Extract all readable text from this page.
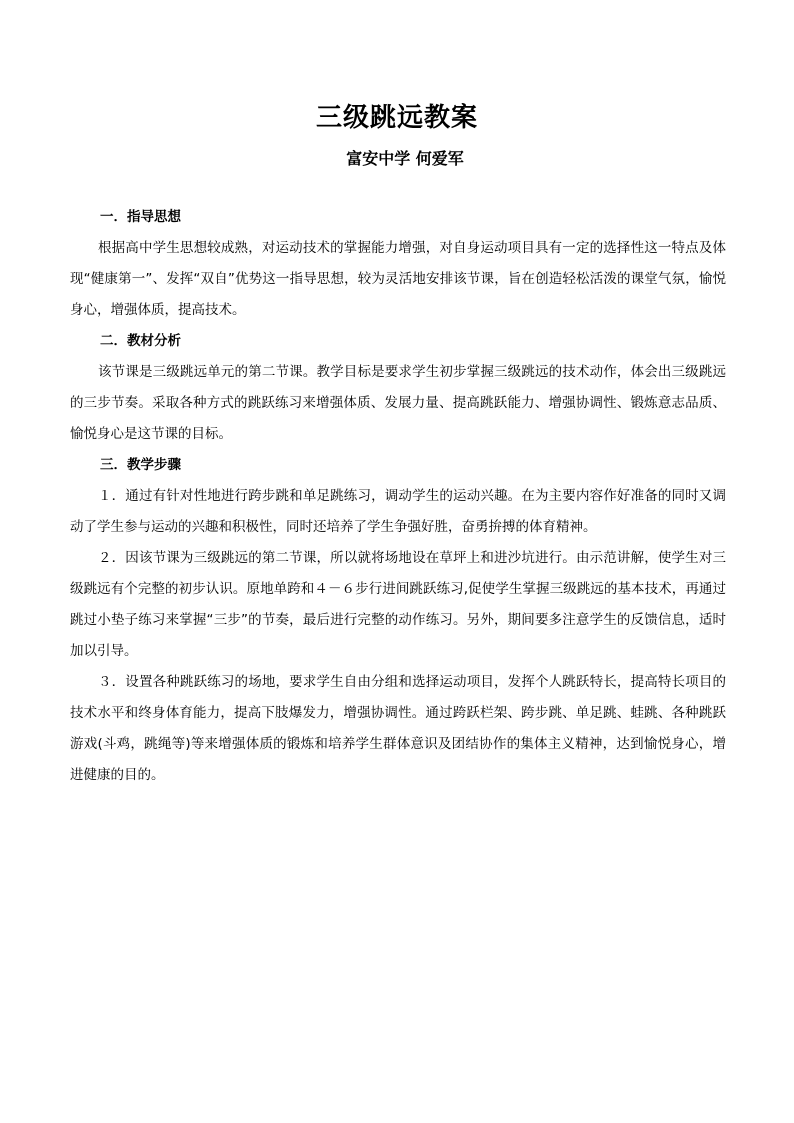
三级跳远教案
富安中学 何爱军
一．指导思想
根据高中学生思想较成熟，对运动技术的掌握能力增强，对自身运动项目具有一定的选择性这一特点及体现“健康第一”、发挥“双自”优势这一指导思想，较为灵活地安排该节课，旨在创造轻松活泼的课堂气氛，愉悦身心，增强体质，提高技术。
二．教材分析
该节课是三级跳远单元的第二节课。教学目标是要求学生初步掌握三级跳远的技术动作，体会出三级跳远的三步节奏。采取各种方式的跳跃练习来增强体质、发展力量、提高跳跃能力、增强协调性、锻炼意志品质、愉悦身心是这节课的目标。
三．教学步骤
１．通过有针对性地进行跨步跳和单足跳练习，调动学生的运动兴趣。在为主要内容作好准备的同时又调动了学生参与运动的兴趣和积极性，同时还培养了学生争强好胜，奋勇拚搏的体育精神。
２．因该节课为三级跳远的第二节课，所以就将场地设在草坪上和进沙坑进行。由示范讲解，使学生对三级跳远有个完整的初步认识。原地单跨和４－６步行进间跳跃练习,促使学生掌握三级跳远的基本技术，再通过跳过小垫子练习来掌握“三步”的节奏，最后进行完整的动作练习。另外，期间要多注意学生的反馈信息，适时加以引导。
３．设置各种跳跃练习的场地，要求学生自由分组和选择运动项目，发挥个人跳跃特长，提高特长项目的技术水平和终身体育能力，提高下肢爆发力，增强协调性。通过跨跃栏架、跨步跳、单足跳、蛙跳、各种跳跃游戏(斗鸡，跳绳等)等来增强体质的锻炼和培养学生群体意识及团结协作的集体主义精神，达到愉悦身心，增进健康的目的。
